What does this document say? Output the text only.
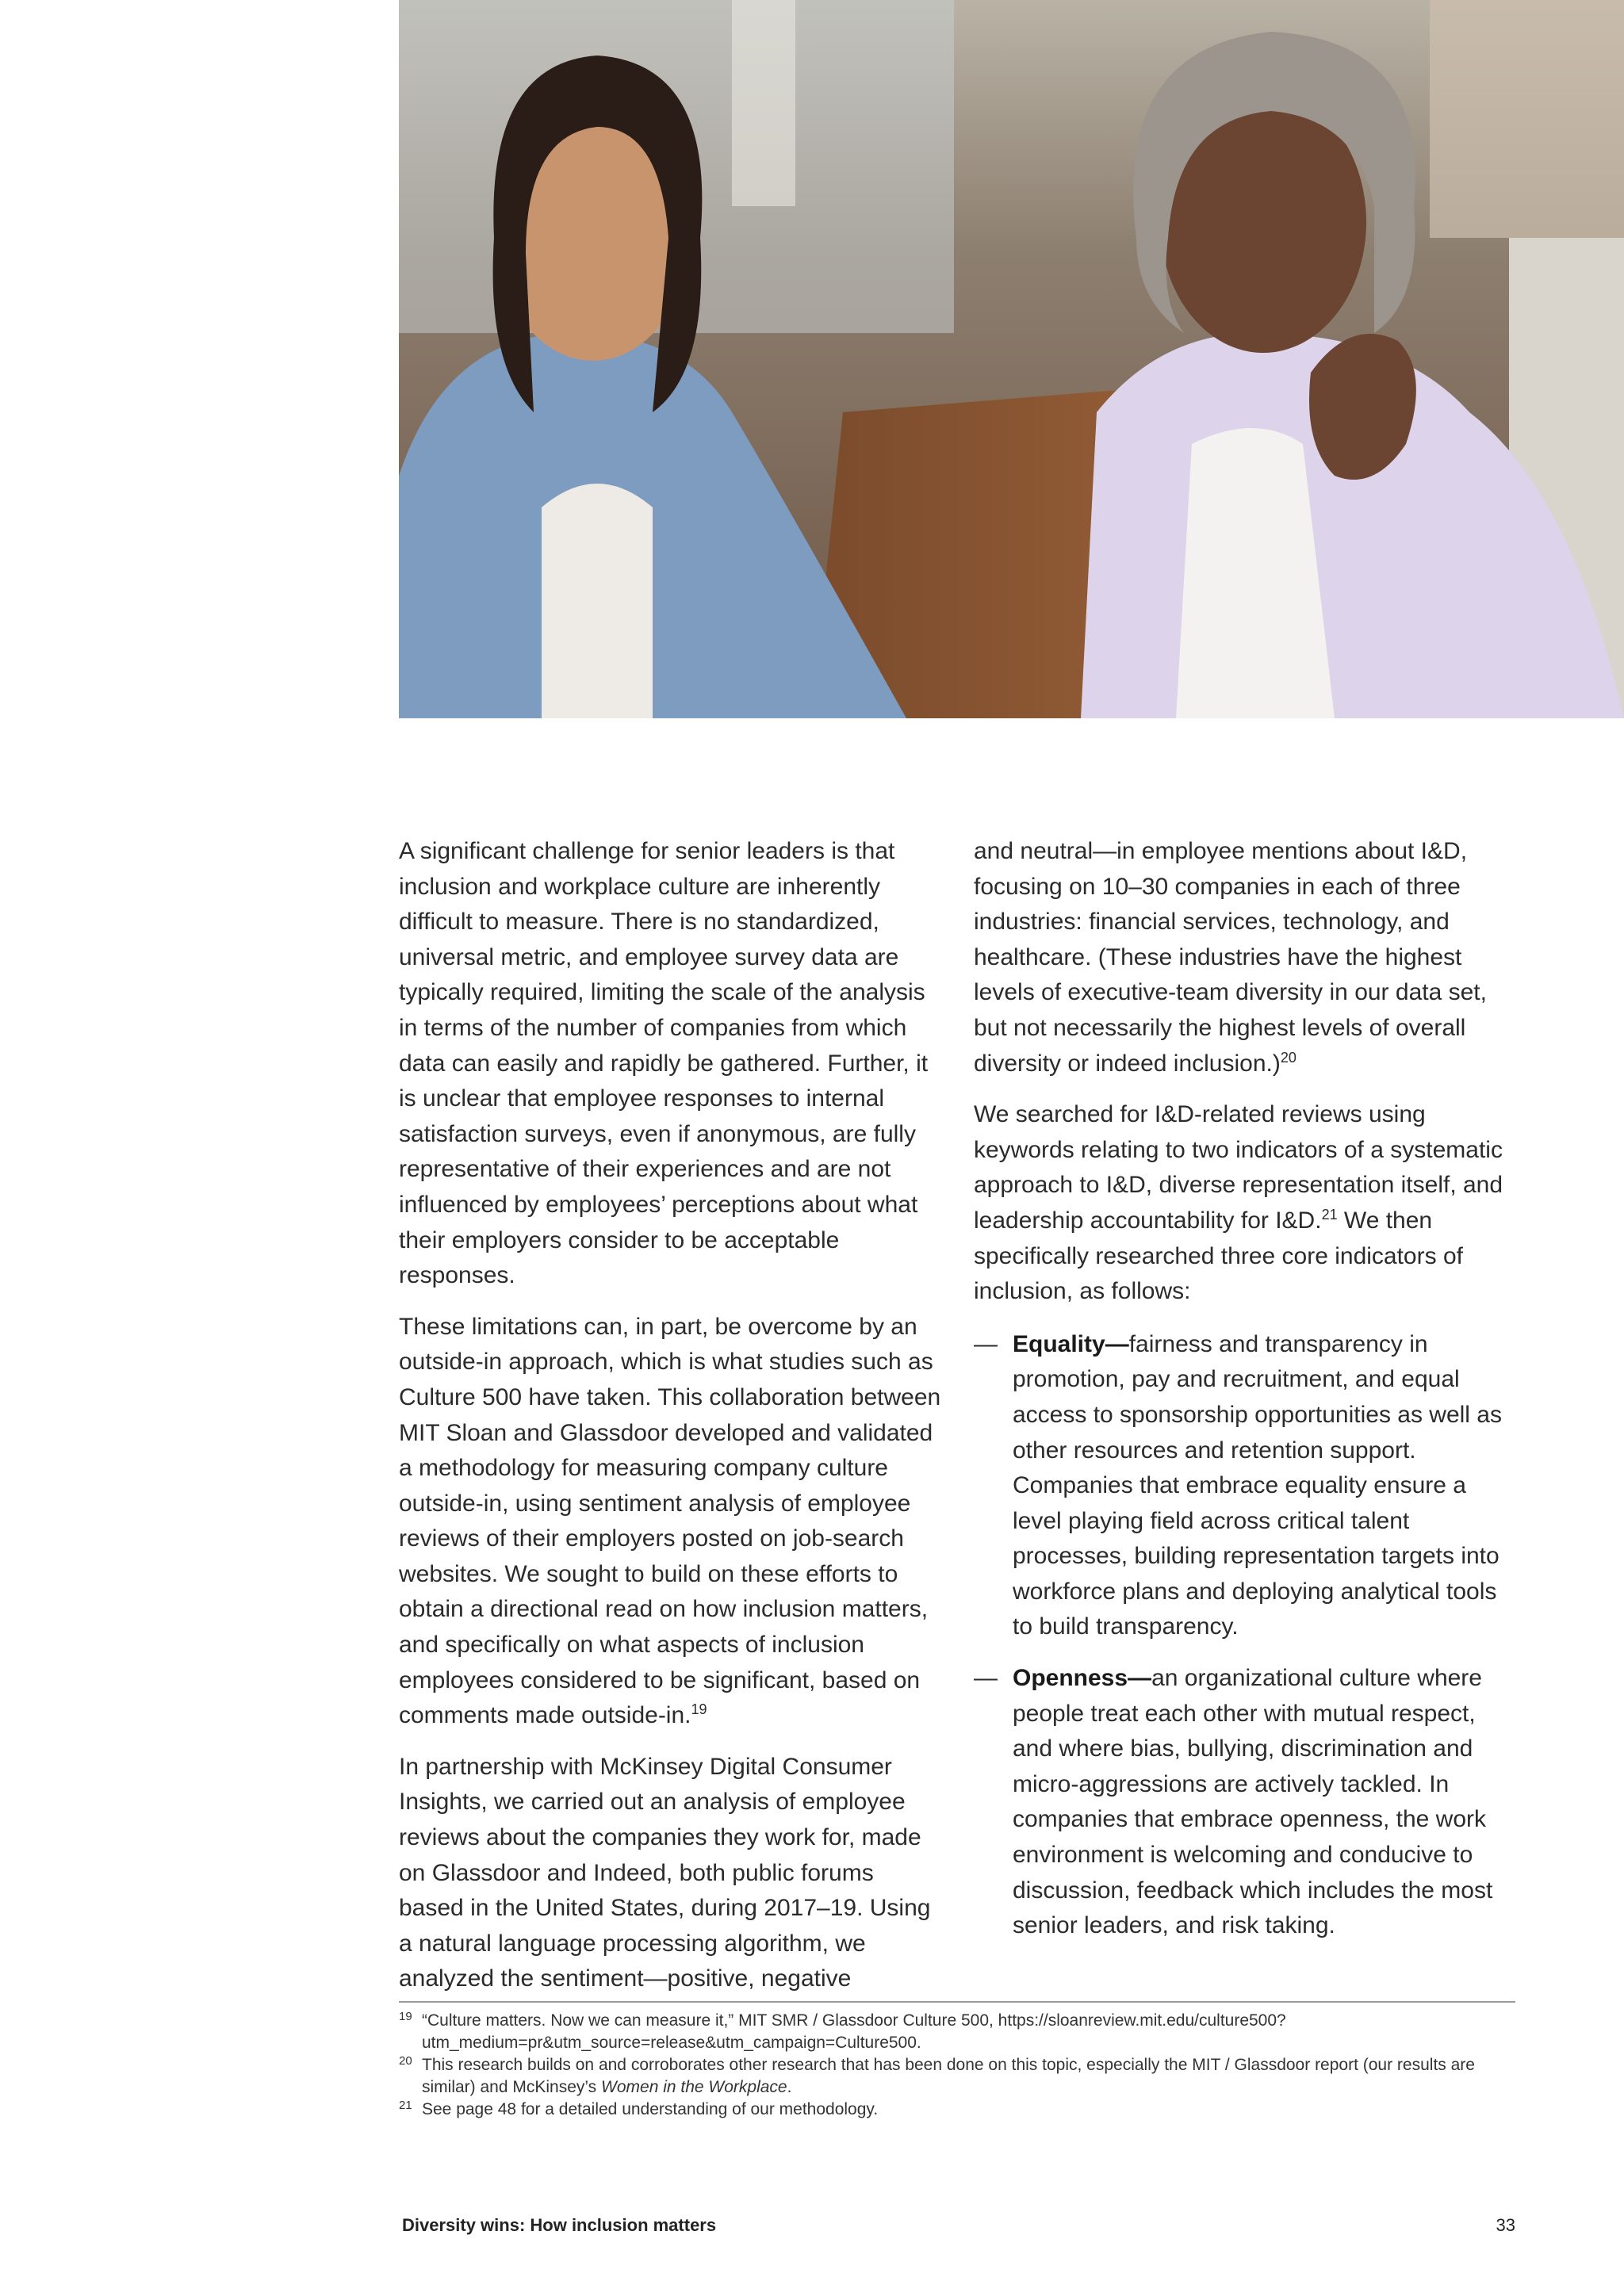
A significant challenge for senior leaders is that inclusion and workplace culture are inherently difficult to measure. There is no standardized, universal metric, and employee survey data are typically required, limiting the scale of the analysis in terms of the number of companies from which data can easily and rapidly be gathered. Further, it is unclear that employee responses to internal satisfaction surveys, even if anonymous, are fully representative of their experiences and are not influenced by employees’ perceptions about what their employers consider to be acceptable responses.

These limitations can, in part, be overcome by an outside-in approach, which is what studies such as Culture 500 have taken. This collaboration between MIT Sloan and Glassdoor developed and validated a methodology for measuring company culture outside-in, using sentiment analysis of employee reviews of their employers posted on job-search websites. We sought to build on these efforts to obtain a directional read on how inclusion matters, and specifically on what aspects of inclusion employees considered to be significant, based on comments made outside-in.$^{19}$

In partnership with McKinsey Digital Consumer Insights, we carried out an analysis of employee reviews about the companies they work for, made on Glassdoor and Indeed, both public forums based in the United States, during 2017–19. Using a natural language processing algorithm, we analyzed the sentiment—positive, negative

and neutral—in employee mentions about I&D, focusing on 10–30 companies in each of three industries: financial services, technology, and healthcare. (These industries have the highest levels of executive-team diversity in our data set, but not necessarily the highest levels of overall diversity or indeed inclusion.)$^{20}$

We searched for I&D-related reviews using keywords relating to two indicators of a systematic approach to I&D, diverse representation itself, and leadership accountability for I&D.$^{21}$ We then specifically researched three core indicators of inclusion, as follows:

— Equality—fairness and transparency in promotion, pay and recruitment, and equal access to sponsorship opportunities as well as other resources and retention support. Companies that embrace equality ensure a level playing field across critical talent processes, building representation targets into workforce plans and deploying analytical tools to build transparency.
— Openness—an organizational culture where people treat each other with mutual respect, and where bias, bullying, discrimination and micro-aggressions are actively tackled. In companies that embrace openness, the work environment is welcoming and conducive to discussion, feedback which includes the most senior leaders, and risk taking.
19 “Culture matters. Now we can measure it,” MIT SMR / Glassdoor Culture 500, https://sloanreview.mit.edu/culture500?utm_medium=pr&utm_source=release&utm_campaign=Culture500.
20 This research builds on and corroborates other research that has been done on this topic, especially the MIT / Glassdoor report (our results are similar) and McKinsey’s Women in the Workplace.
21 See page 48 for a detailed understanding of our methodology.
Diversity wins: How inclusion matters	33
